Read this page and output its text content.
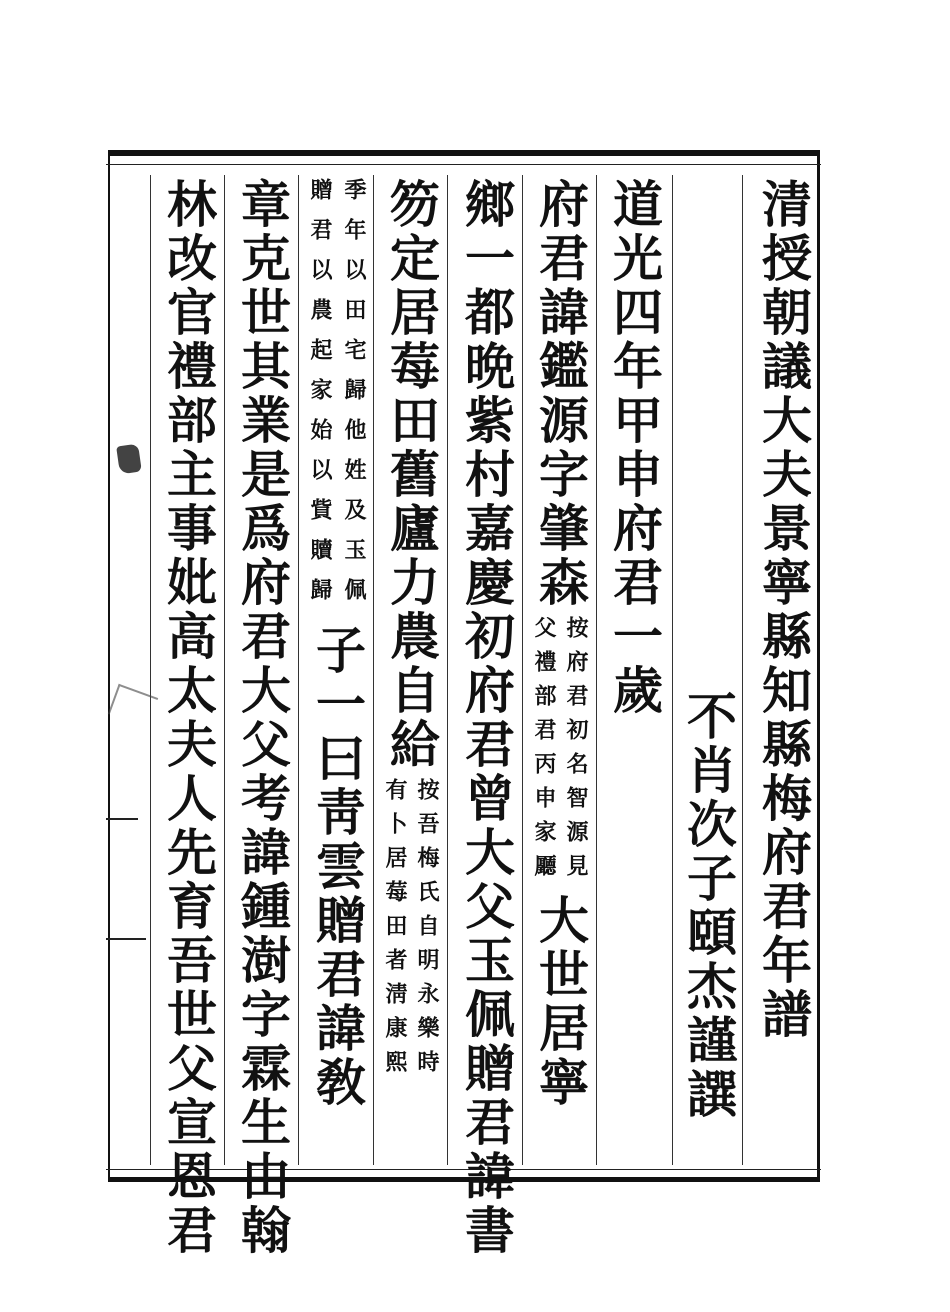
清授朝議大夫景寧縣知縣梅府君年譜
不肖次子頤杰謹譔
道光四年甲申府君一歲
府君諱鑑源字肇森
按府君初名智源見
父禮部君丙申家㕔
大世居寧
鄉一都晩紫村嘉慶初府君曾大父玉佩贈君諱書
笏定居莓田舊廬力農自給
按吾梅氏自明永樂時
有卜居莓田者淸康熙
季年以田宅歸他姓及玉佩
贈君以農起家始以貲贖歸
子一曰靑雲贈君諱敎
章克世其業是爲府君大父考諱鍾澍字霖生由翰
林改官禮部主事妣高太夫人先育吾世父宣恩君
